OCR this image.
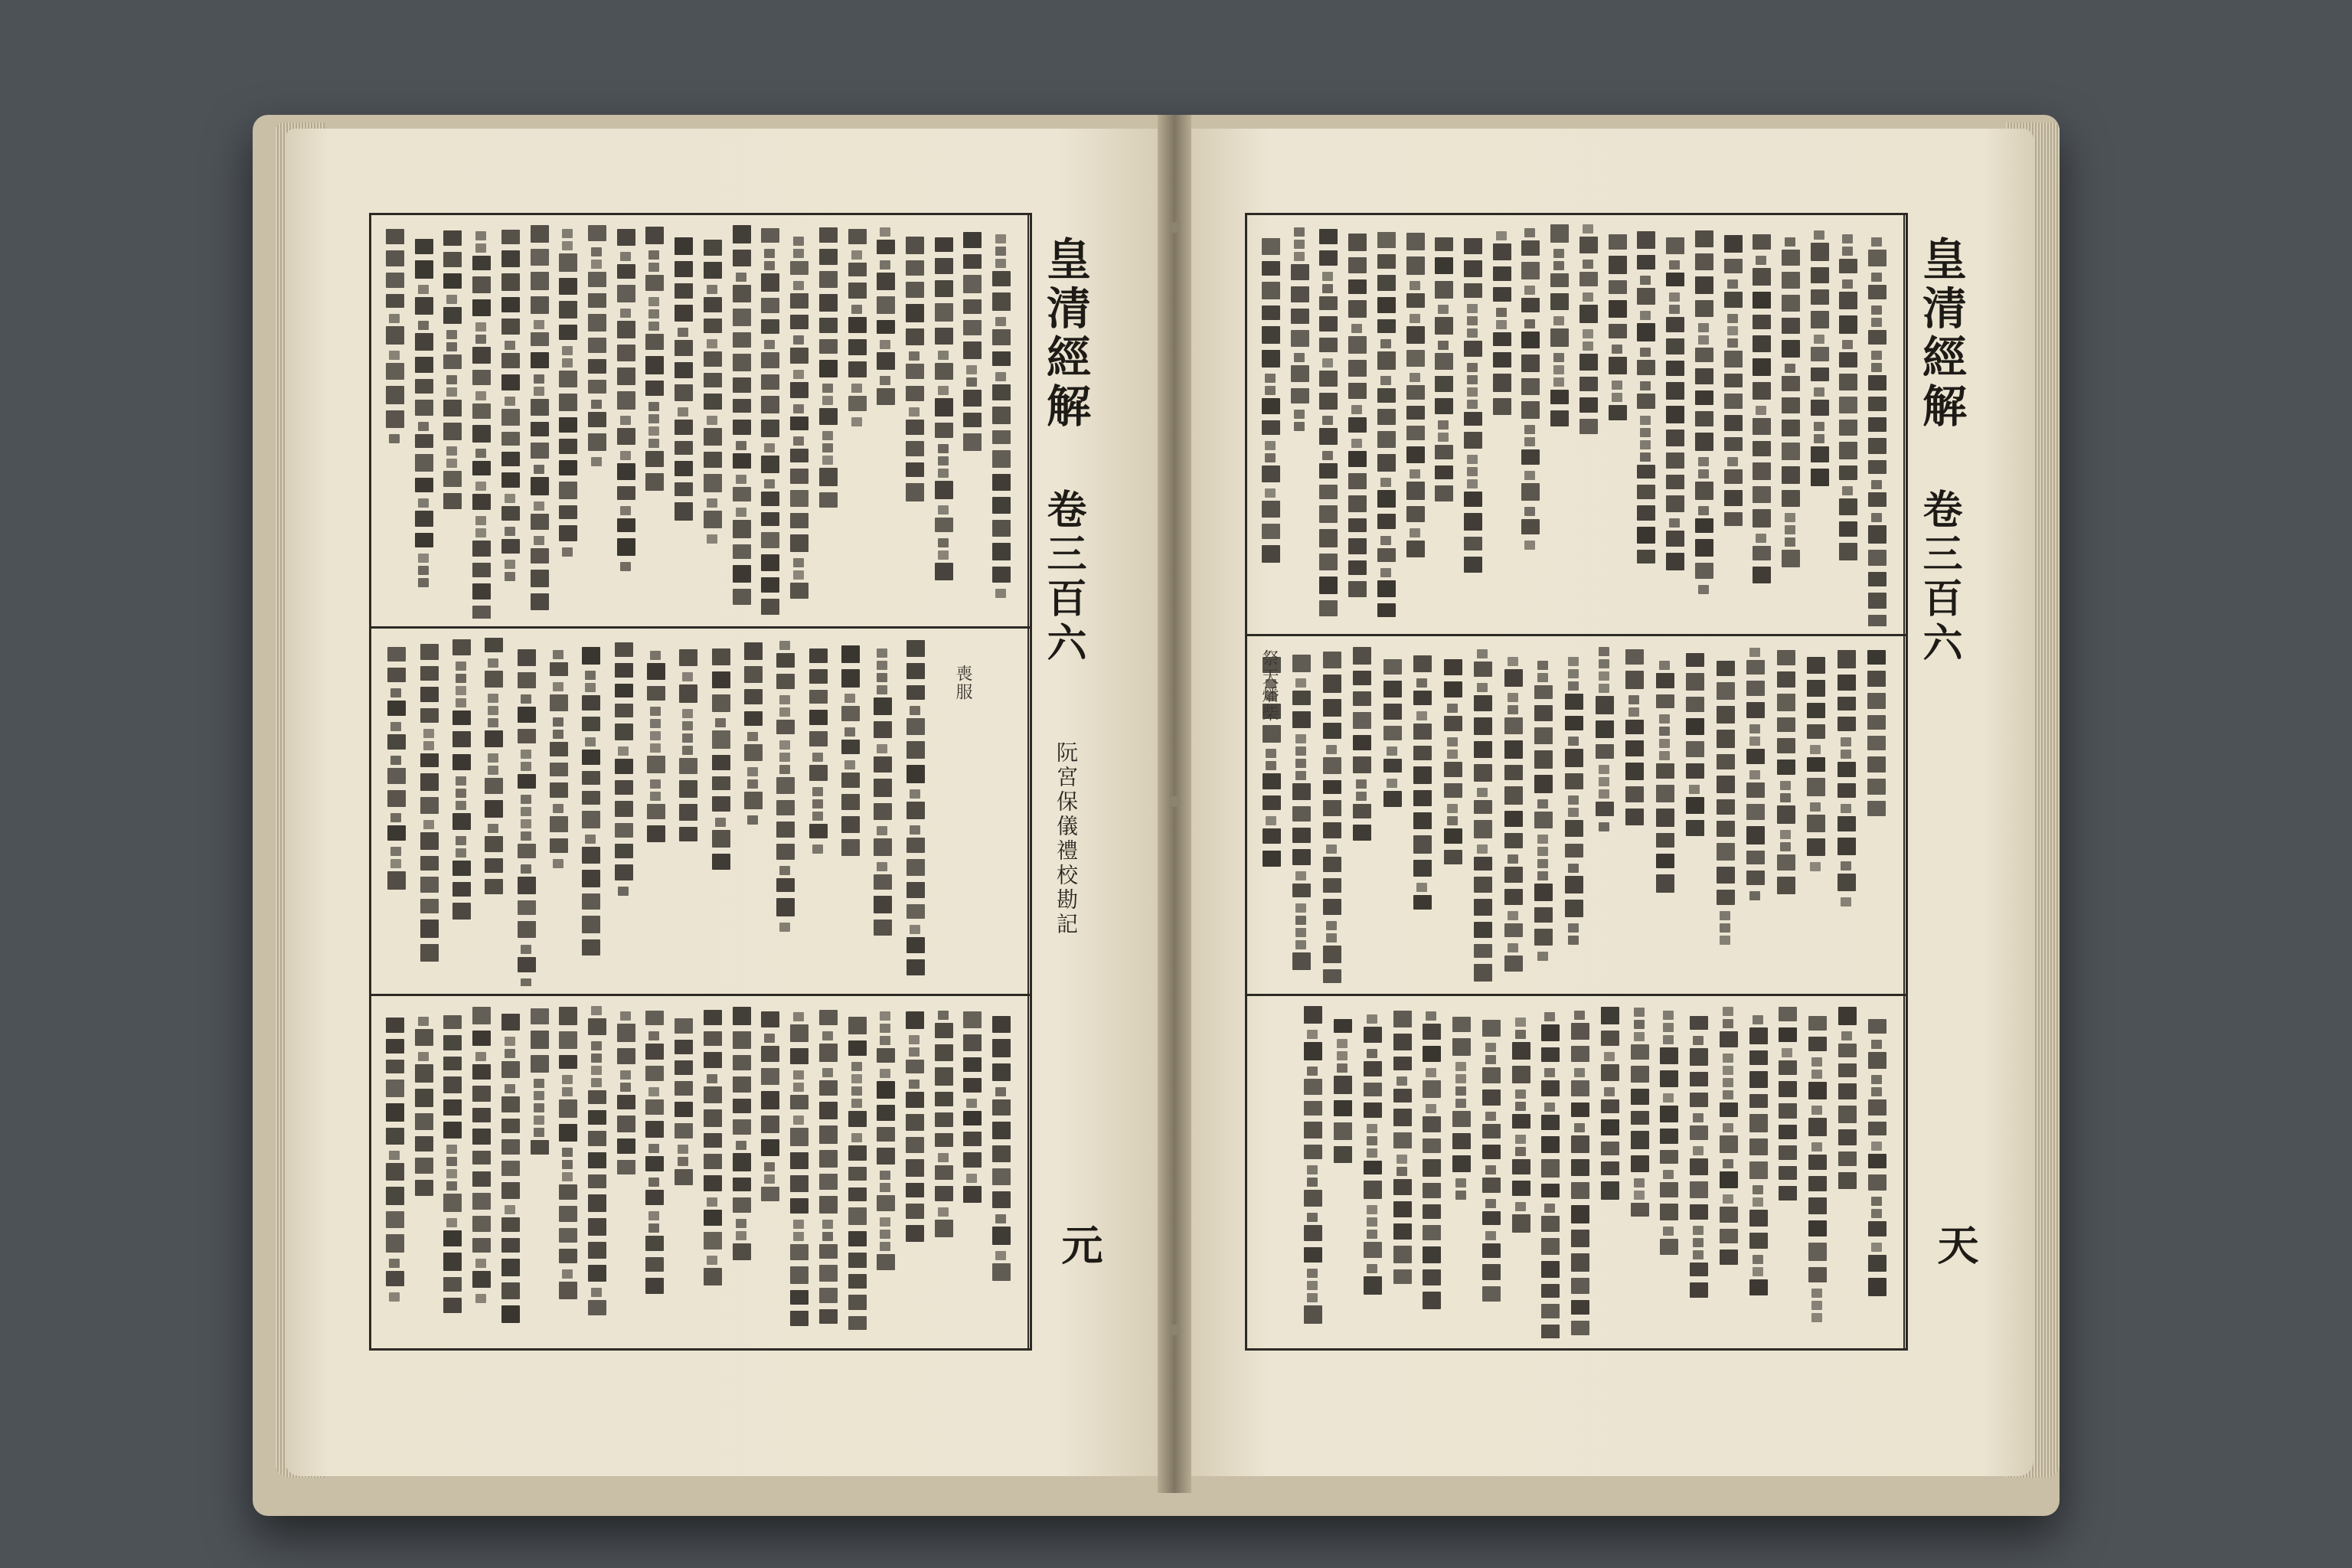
喪服
皇清經解
卷三百六
阮宮保儀禮校勘記
元
祭天燔柴
皇清經解
卷三百六
天
